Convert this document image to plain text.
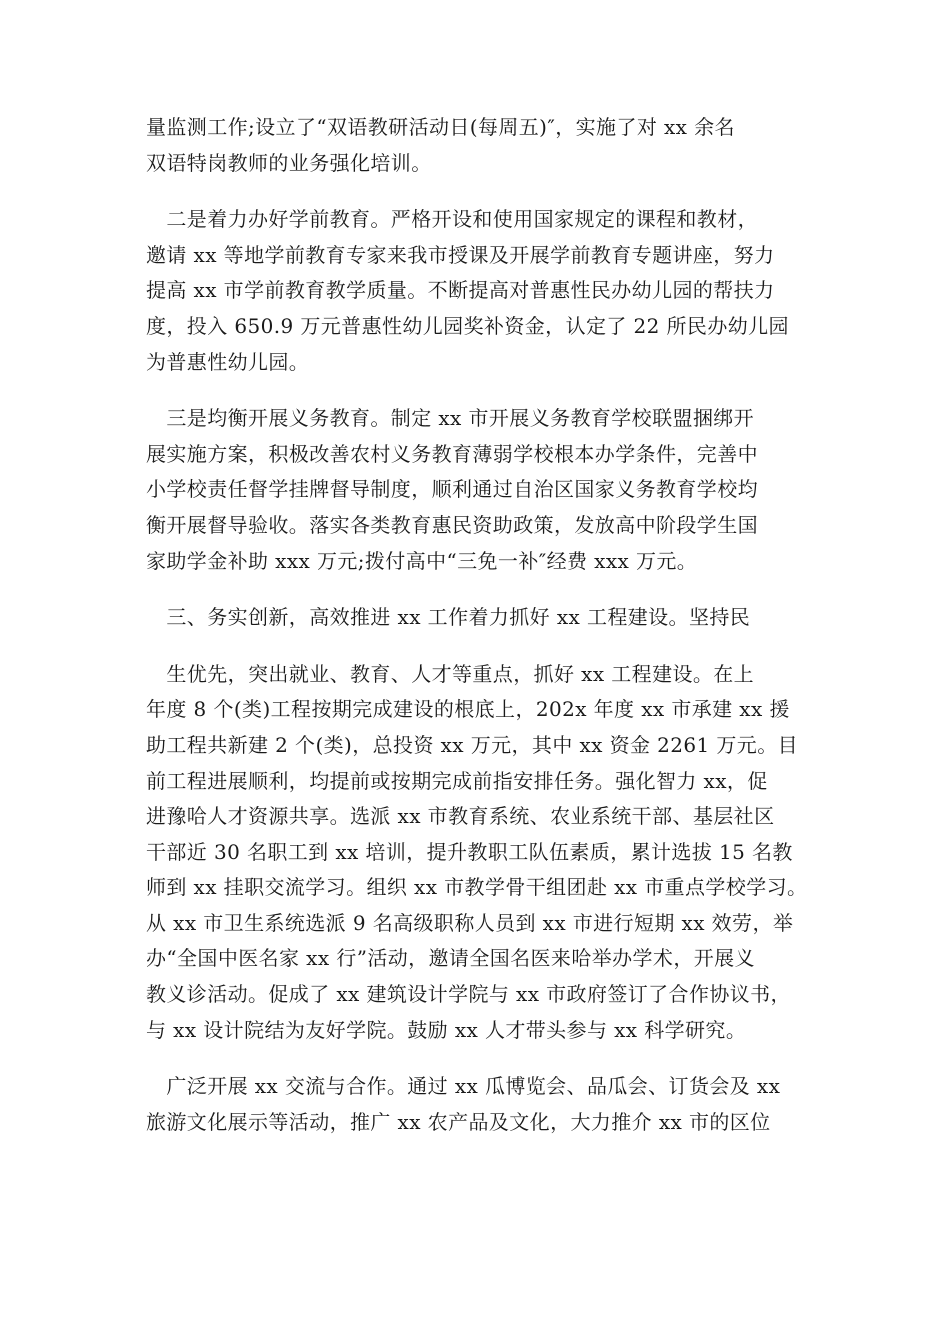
量监测工作;设立了“双语教研活动日(每周五)″，实施了对 xx 余名
双语特岗教师的业务强化培训。
　二是着力办好学前教育。严格开设和使用国家规定的课程和教材，
邀请 xx 等地学前教育专家来我市授课及开展学前教育专题讲座，努力
提高 xx 市学前教育教学质量。不断提高对普惠性民办幼儿园的帮扶力
度，投入 650.9 万元普惠性幼儿园奖补资金，认定了 22 所民办幼儿园
为普惠性幼儿园。
　三是均衡开展义务教育。制定 xx 市开展义务教育学校联盟捆绑开
展实施方案，积极改善农村义务教育薄弱学校根本办学条件，完善中
小学校责任督学挂牌督导制度，顺利通过自治区国家义务教育学校均
衡开展督导验收。落实各类教育惠民资助政策，发放高中阶段学生国
家助学金补助 xxx 万元;拨付高中“三免一补″经费 xxx 万元。
　三、务实创新，高效推进 xx 工作着力抓好 xx 工程建设。坚持民
　生优先，突出就业、教育、人才等重点，抓好 xx 工程建设。在上
年度 8 个(类)工程按期完成建设的根底上，202x 年度 xx 市承建 xx 援
助工程共新建 2 个(类)，总投资 xx 万元，其中 xx 资金 2261 万元。目
前工程进展顺利，均提前或按期完成前指安排任务。强化智力 xx，促
进豫哈人才资源共享。选派 xx 市教育系统、农业系统干部、基层社区
干部近 30 名职工到 xx 培训，提升教职工队伍素质，累计选拔 15 名教
师到 xx 挂职交流学习。组织 xx 市教学骨干组团赴 xx 市重点学校学习。
从 xx 市卫生系统选派 9 名高级职称人员到 xx 市进行短期 xx 效劳，举
办“全国中医名家 xx 行”活动，邀请全国名医来哈举办学术，开展义
教义诊活动。促成了 xx 建筑设计学院与 xx 市政府签订了合作协议书，
与 xx 设计院结为友好学院。鼓励 xx 人才带头参与 xx 科学研究。
　广泛开展 xx 交流与合作。通过 xx 瓜博览会、品瓜会、订货会及 xx
旅游文化展示等活动，推广 xx 农产品及文化，大力推介 xx 市的区位
